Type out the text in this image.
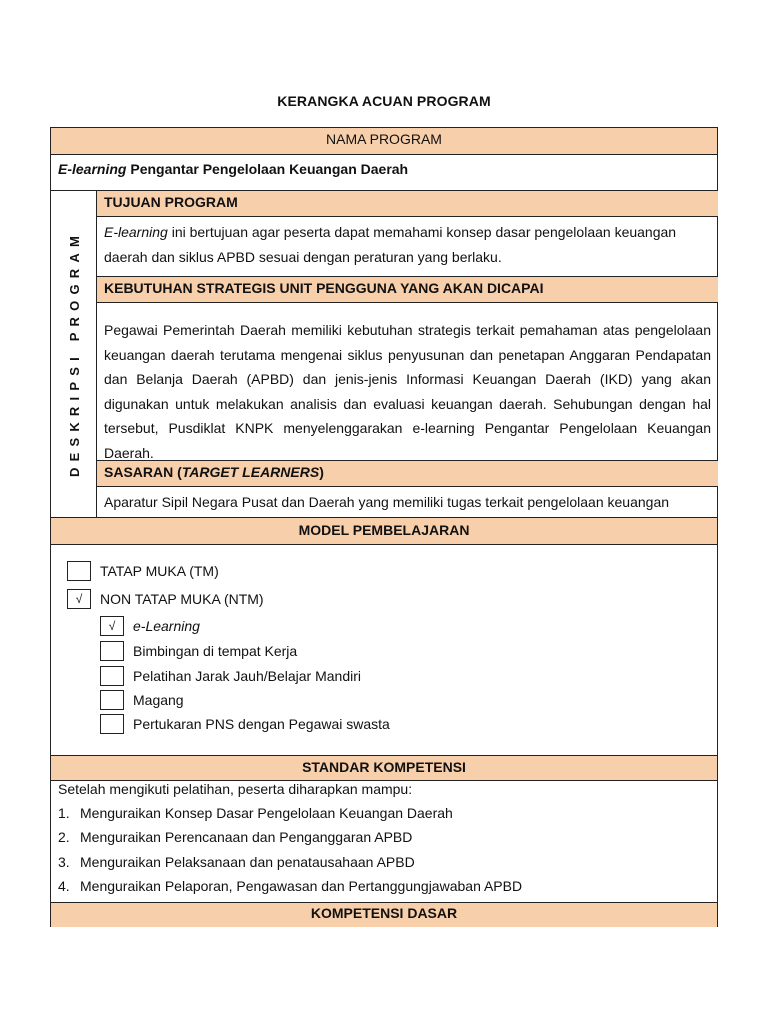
KERANGKA ACUAN PROGRAM
NAMA PROGRAM
E-learning Pengantar Pengelolaan Keuangan Daerah
DESKRIPSI PROGRAM
TUJUAN PROGRAM
E-learning ini bertujuan agar peserta dapat memahami konsep dasar pengelolaan keuangan daerah dan siklus APBD sesuai dengan peraturan yang berlaku.
KEBUTUHAN STRATEGIS UNIT PENGGUNA YANG AKAN DICAPAI
Pegawai Pemerintah Daerah memiliki kebutuhan strategis terkait pemahaman atas pengelolaan keuangan daerah terutama mengenai siklus penyusunan dan penetapan Anggaran Pendapatan dan Belanja Daerah (APBD) dan jenis-jenis Informasi Keuangan Daerah (IKD) yang akan digunakan untuk melakukan analisis dan evaluasi keuangan daerah. Sehubungan dengan hal tersebut, Pusdiklat KNPK menyelenggarakan e-learning Pengantar Pengelolaan Keuangan Daerah.
SASARAN (TARGET LEARNERS)
Aparatur Sipil Negara Pusat dan Daerah yang memiliki tugas terkait pengelolaan keuangan
MODEL PEMBELAJARAN
TATAP MUKA (TM)
√	NON TATAP MUKA (NTM)
√	e-Learning
Bimbingan di tempat Kerja
Pelatihan Jarak Jauh/Belajar Mandiri
Magang
Pertukaran PNS dengan Pegawai swasta
STANDAR KOMPETENSI
Setelah mengikuti pelatihan, peserta diharapkan mampu:
1. Menguraikan Konsep Dasar Pengelolaan Keuangan Daerah
2. Menguraikan Perencanaan dan Penganggaran APBD
3. Menguraikan Pelaksanaan dan penatausahaan APBD
4. Menguraikan Pelaporan, Pengawasan dan Pertanggungjawaban APBD
KOMPETENSI DASAR
